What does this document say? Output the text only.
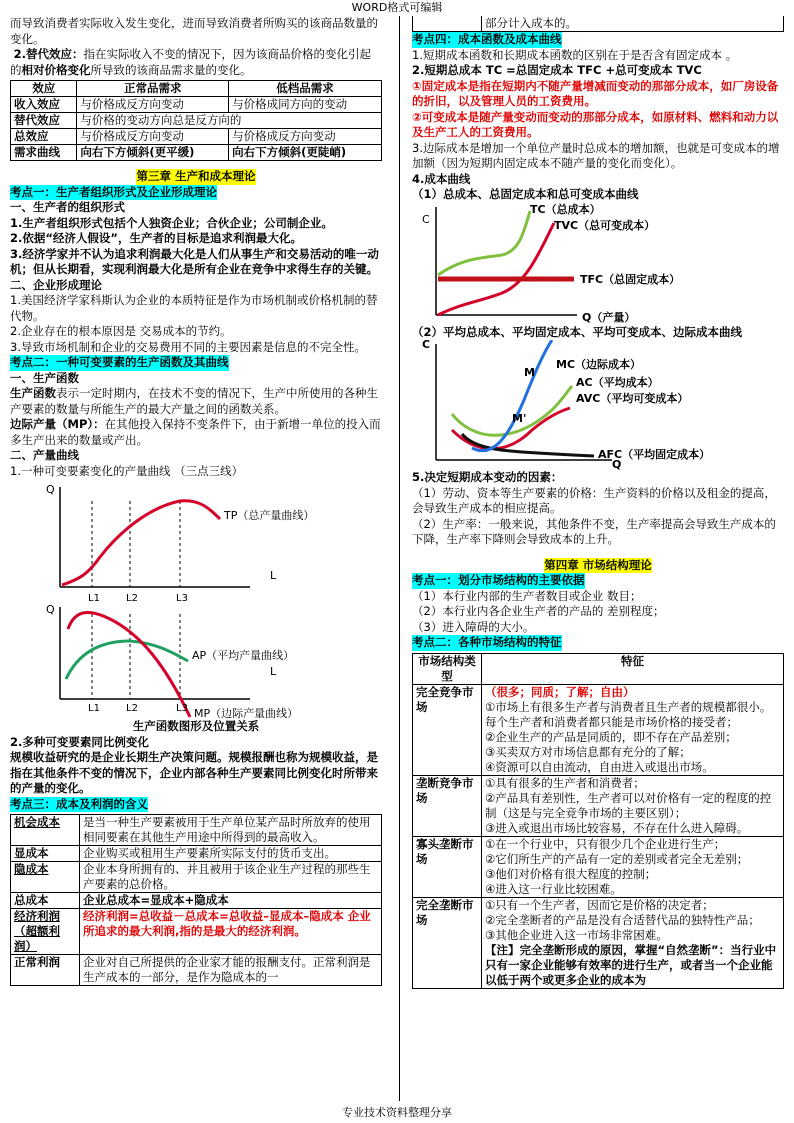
WORD格式可编辑

而导致消费者实际收入发生变化，进而导致消费者所购买的该商品数量的变化。

2.替代效应：指在实际收入不变的情况下，因为该商品价格的变化引起的相对价格变化所导致的该商品需求量的变化。

效应	正常品需求	低档品需求
收入效应	与价格成反方向变动	与价格成同方向的变动
替代效应	与价格的变动方向总是反方向的	
总效应	与价格成反方向变动	与价格成反方向变动
需求曲线	向右下方倾斜(更平缓)	向右下方倾斜(更陡峭)
第三章 生产和成本理论

考点一：生产者组织形式及企业形成理论

一、生产者的组织形式

1.生产者组织形式包括个人独资企业；合伙企业；公司制企业。

2.依据“经济人假设”，生产者的目标是追求利润最大化。

3.经济学家并不认为追求利润最大化是人们从事生产和交易活动的唯一动机；但从长期看，实现利润最大化是所有企业在竞争中求得生存的关键。

二、企业形成理论

1.美国经济学家科斯认为企业的本质特征是作为市场机制或价格机制的替代物。

2.企业存在的根本原因是 交易成本的节约。

3.导致市场机制和企业的交易费用不同的主要因素是信息的不完全性。

考点二：一种可变要素的生产函数及其曲线

一、生产函数

生产函数表示一定时期内，在技术不变的情况下，生产中所使用的各种生产要素的数量与所能生产的最大产量之间的函数关系。

边际产量（MP）：在其他投入保持不变条件下，由于新增一单位的投入而多生产出来的数量或产出。

二、产量曲线

1.一种可变要素变化的产量曲线 （三点三线）

Q
L
TP（总产量曲线）
L1	L2	L3
Q
L
AP（平均产量曲线）
MP（边际产量曲线）
L1	L2	L3

生产函数图形及位置关系

2.多种可变要素同比例变化

规模收益研究的是企业长期生产决策问题。规模报酬也称为规模收益，是指在其他条件不变的情况下，企业内部各种生产要素同比例变化时所带来的产量的变化。

考点三：成本及利润的含义

机会成本	是当一种生产要素被用于生产单位某产品时所放弃的使用相同要素在其他生产用途中所得到的最高收入。
显成本	企业购买或租用生产要素所实际支付的货币支出。
隐成本	企业本身所拥有的、并且被用于该企业生产过程的那些生产要素的总价格。
总成本	企业总成本=显成本+隐成本
经济利润（超额利润）	经济利润=总收益－总成本=总收益–显成本–隐成本 企业所追求的最大利润,指的是最大的经济利润。
正常利润	企业对自己所提供的企业家才能的报酬支付。正常利润是生产成本的一部分，是作为隐成本的一
	部分计入成本的。

考点四：成本函数及成本曲线

1.短期成本函数和长期成本函数的区别在于是否含有固定成本 。

2.短期总成本 TC =总固定成本 TFC +总可变成本 TVC

①固定成本是指在短期内不随产量增减而变动的那部分成本，如厂房设备的折旧，以及管理人员的工资费用。

②可变成本是随产量变动而变动的那部分成本，如原材料、燃料和动力以及生产工人的工资费用。

3.边际成本是增加一个单位产量时总成本的增加额，也就是可变成本的增加额（因为短期内固定成本不随产量的变化而变化）。

4.成本曲线

（1）总成本、总固定成本和总可变成本曲线

C
TC（总成本）
TVC（总可变成本）
TFC（总固定成本）
Q（产量）

（2）平均总成本、平均固定成本、平均可变成本、边际成本曲线

C
M
M'
MC（边际成本）
AC（平均成本）
AVC（平均可变成本）
AFC（平均固定成本）
Q

5.决定短期成本变动的因素：

（1）劳动、资本等生产要素的价格：生产资料的价格以及租金的提高，会导致生产成本的相应提高。

（2）生产率：一般来说，其他条件不变，生产率提高会导致生产成本的下降，生产率下降则会导致成本的上升。

第四章 市场结构理论

考点一：划分市场结构的主要依据

（1）本行业内部的生产者数目或企业 数目；

（2）本行业内各企业生产者的产品的 差别程度；

（3）进入障碍的大小。

考点二：各种市场结构的特征

市场结构类型	特征
完全竞争市场	（很多；同质；了解；自由）

①市场上有很多生产者与消费者且生产者的规模都很小。每个生产者和消费者都只能是市场价格的接受者；

②企业生产的产品是同质的，即不存在产品差别；

③买卖双方对市场信息都有充分的了解；

④资源可以自由流动，自由进入或退出市场。

垄断竞争市场	①具有很多的生产者和消费者；

②产品具有差别性，生产者可以对价格有一定的程度的控制（这是与完全竞争市场的主要区别）；

③进入或退出市场比较容易，不存在什么进入障碍。

寡头垄断市场	①在一个行业中，只有很少几个企业进行生产；

②它们所生产的产品有一定的差别或者完全无差别；

③他们对价格有很大程度的控制；

④进入这一行业比较困难。

完全垄断市场	①只有一个生产者，因而它是价格的决定者；

②完全垄断者的产品是没有合适替代品的独特性产品；

③其他企业进入这一市场非常困难。

【注】完全垄断形成的原因，掌握“自然垄断”：当行业中只有一家企业能够有效率的进行生产，或者当一个企业能以低于两个或更多企业的成本为

专业技术资料整理分享
